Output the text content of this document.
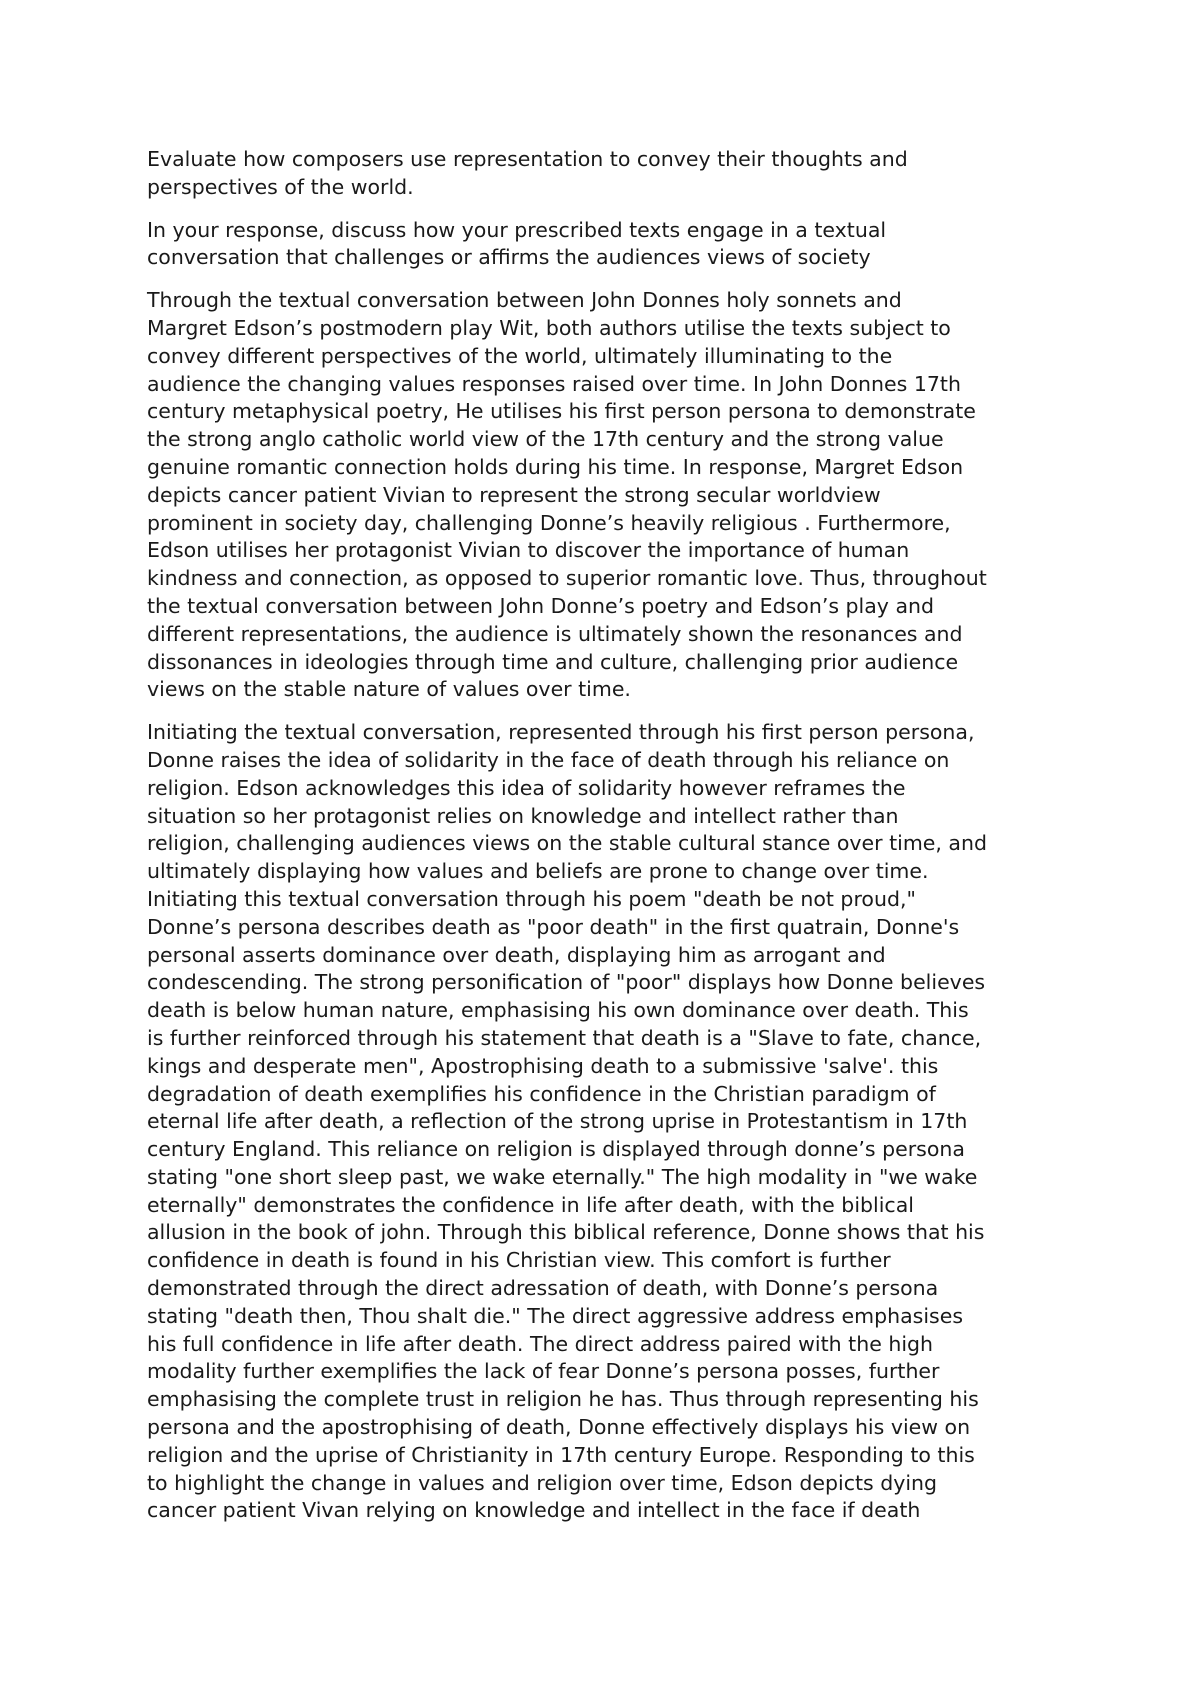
Evaluate how composers use representation to convey their thoughts and
perspectives of the world.

In your response, discuss how your prescribed texts engage in a textual
conversation that challenges or affirms the audiences views of society

Through the textual conversation between John Donnes holy sonnets and
Margret Edson’s postmodern play Wit, both authors utilise the texts subject to
convey different perspectives of the world, ultimately illuminating to the
audience the changing values responses raised over time. In John Donnes 17th
century metaphysical poetry, He utilises his first person persona to demonstrate
the strong anglo catholic world view of the 17th century and the strong value
genuine romantic connection holds during his time. In response, Margret Edson
depicts cancer patient Vivian to represent the strong secular worldview
prominent in society day, challenging Donne’s heavily religious . Furthermore,
Edson utilises her protagonist Vivian to discover the importance of human
kindness and connection, as opposed to superior romantic love. Thus, throughout
the textual conversation between John Donne’s poetry and Edson’s play and
different representations, the audience is ultimately shown the resonances and
dissonances in ideologies through time and culture, challenging prior audience
views on the stable nature of values over time.

Initiating the textual conversation, represented through his first person persona,
Donne raises the idea of solidarity in the face of death through his reliance on
religion. Edson acknowledges this idea of solidarity however reframes the
situation so her protagonist relies on knowledge and intellect rather than
religion, challenging audiences views on the stable cultural stance over time, and
ultimately displaying how values and beliefs are prone to change over time.
Initiating this textual conversation through his poem "death be not proud,"
Donne’s persona describes death as "poor death" in the first quatrain, Donne's
personal asserts dominance over death, displaying him as arrogant and
condescending. The strong personification of "poor" displays how Donne believes
death is below human nature, emphasising his own dominance over death. This
is further reinforced through his statement that death is a "Slave to fate, chance,
kings and desperate men", Apostrophising death to a submissive 'salve'. this
degradation of death exemplifies his confidence in the Christian paradigm of
eternal life after death, a reflection of the strong uprise in Protestantism in 17th
century England. This reliance on religion is displayed through donne’s persona
stating "one short sleep past, we wake eternally." The high modality in "we wake
eternally" demonstrates the confidence in life after death, with the biblical
allusion in the book of john. Through this biblical reference, Donne shows that his
confidence in death is found in his Christian view. This comfort is further
demonstrated through the direct adressation of death, with Donne’s persona
stating "death then, Thou shalt die." The direct aggressive address emphasises
his full confidence in life after death. The direct address paired with the high
modality further exemplifies the lack of fear Donne’s persona posses, further
emphasising the complete trust in religion he has. Thus through representing his
persona and the apostrophising of death, Donne effectively displays his view on
religion and the uprise of Christianity in 17th century Europe. Responding to this
to highlight the change in values and religion over time, Edson depicts dying
cancer patient Vivan relying on knowledge and intellect in the face if death
